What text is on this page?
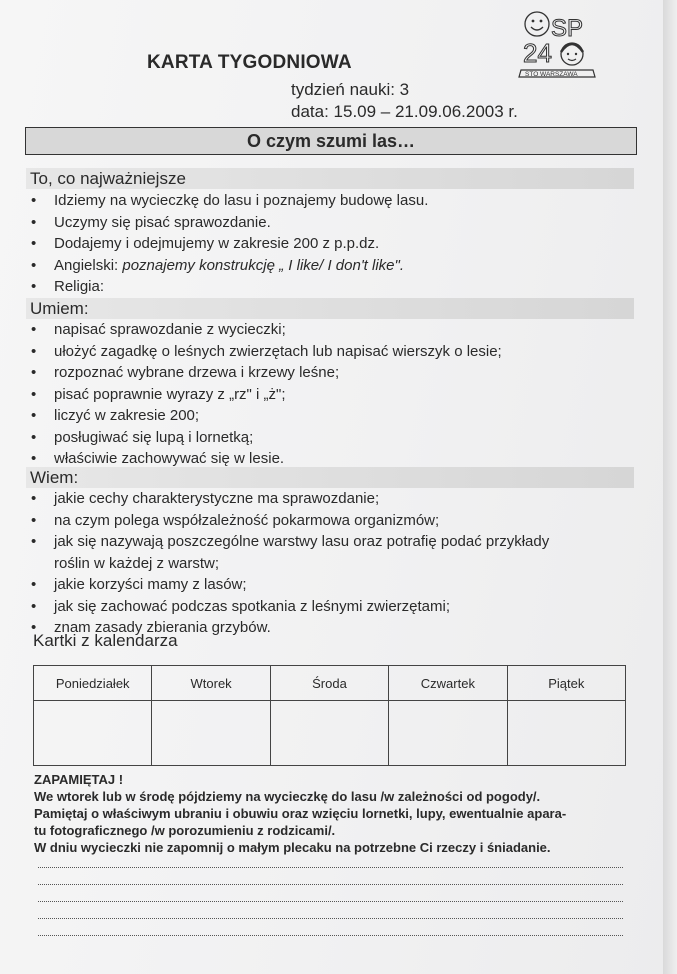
KARTA TYGODNIOWA
tydzień nauki: 3
data: 15.09 – 21.09.06.2003 r.
SP
24
STO WARSZAWA
O czym szumi las…
To, co najważniejsze
• Idziemy na wycieczkę do lasu i poznajemy budowę lasu.
• Uczymy się pisać sprawozdanie.
• Dodajemy i odejmujemy w zakresie 200 z p.p.dz.
• Angielski: poznajemy konstrukcję „ I like/ I don't like".
• Religia:
Umiem:
• napisać sprawozdanie z wycieczki;
• ułożyć zagadkę o leśnych zwierzętach lub napisać wierszyk o lesie;
• rozpoznać wybrane drzewa i krzewy leśne;
• pisać poprawnie wyrazy z „rz" i „ż";
• liczyć w zakresie 200;
• posługiwać się lupą i lornetką;
• właściwie zachowywać się w lesie.
Wiem:
• jakie cechy charakterystyczne ma sprawozdanie;
• na czym polega współzależność pokarmowa organizmów;
• jak się nazywają poszczególne warstwy lasu oraz potrafię podać przykłady
roślin w każdej z warstw;
• jakie korzyści mamy z lasów;
• jak się zachować podczas spotkania z leśnymi zwierzętami;
• znam zasady zbierania grzybów.
Kartki z kalendarza
Poniedziałek	Wtorek	Środa	Czwartek	Piątek

ZAPAMIĘTAJ !
We wtorek lub w środę pójdziemy na wycieczkę do lasu /w zależności od pogody/.
Pamiętaj o właściwym ubraniu i obuwiu oraz wzięciu lornetki, lupy, ewentualnie apara-
tu fotograficznego /w porozumieniu z rodzicami/.
W dniu wycieczki nie zapomnij o małym plecaku na potrzebne Ci rzeczy i śniadanie.
